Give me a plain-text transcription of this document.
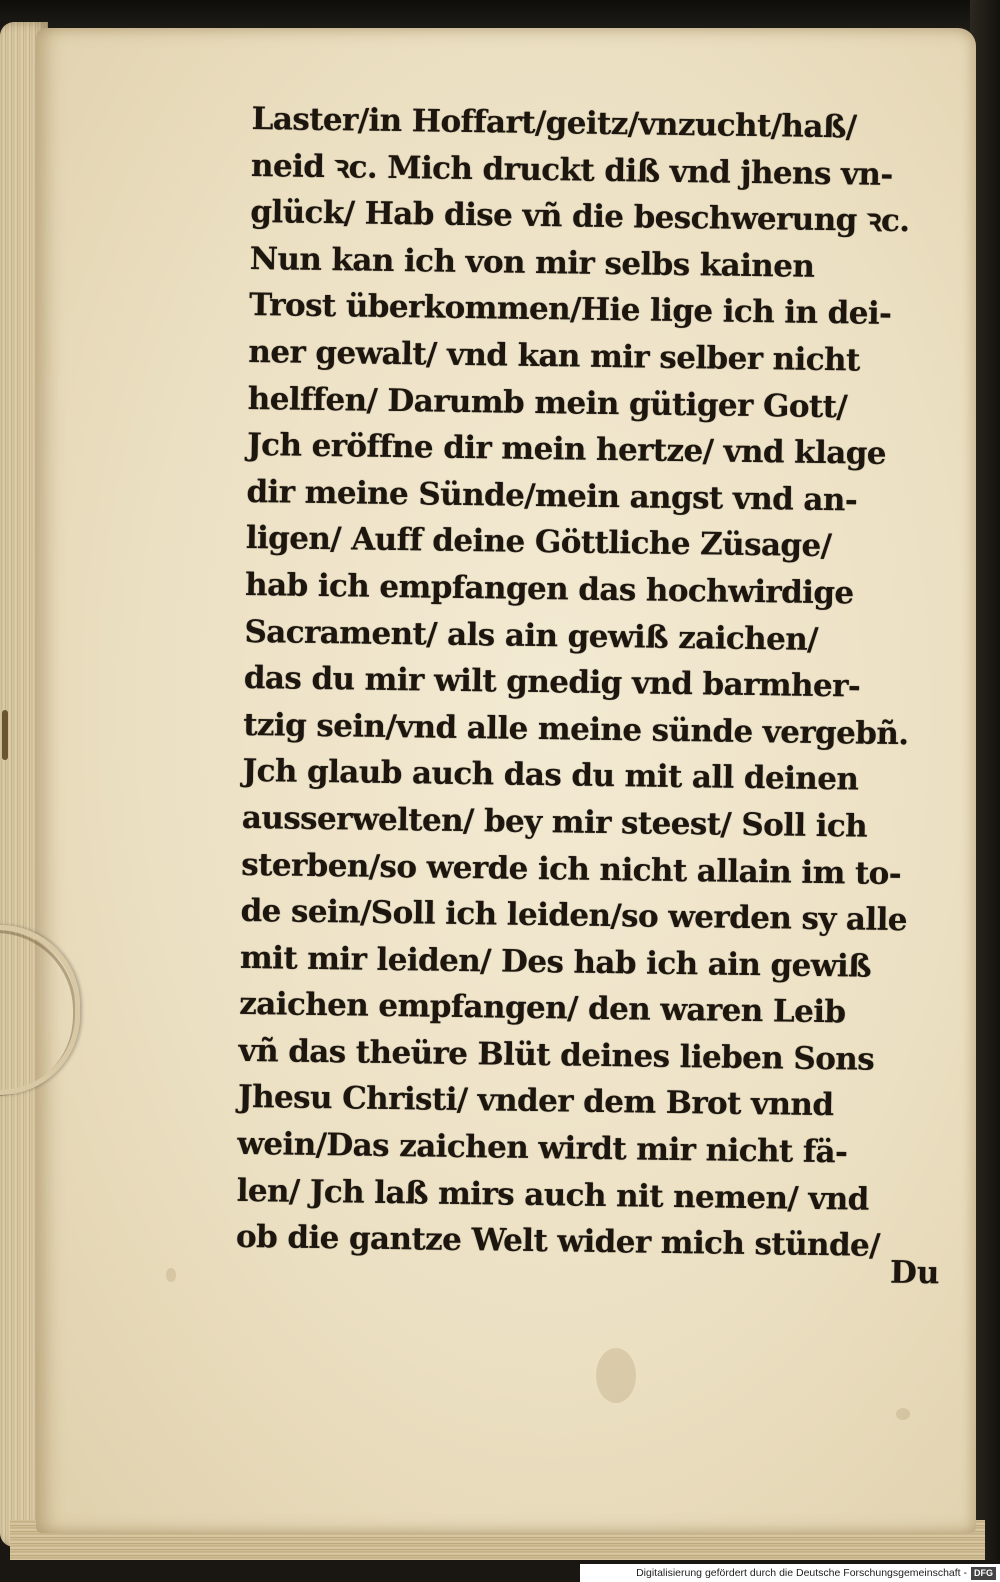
Laster/in Hoffart/geitz/vnzucht/haß/
neid ꝛc. Mich druckt diß vnd jhens vn-
glück/ Hab dise vñ die beschwerung ꝛc.
Nun kan ich von mir selbs kainen
Trost überkommen/Hie lige ich in dei-
ner gewalt/ vnd kan mir selber nicht
helffen/ Darumb mein gütiger Gott/
Jch eröffne dir mein hertze/ vnd klage
dir meine Sünde/mein angst vnd an-
ligen/ Auff deine Göttliche Züsage/
hab ich empfangen das hochwirdige
Sacrament/ als ain gewiß zaichen/
das du mir wilt gnedig vnd barmher-
tzig sein/vnd alle meine sünde vergebñ.
Jch glaub auch das du mit all deinen
ausserwelten/ bey mir steest/ Soll ich
sterben/so werde ich nicht allain im to-
de sein/Soll ich leiden/so werden sy alle
mit mir leiden/ Des hab ich ain gewiß
zaichen empfangen/ den waren Leib
vñ das theüre Blüt deines lieben Sons
Jhesu Christi/ vnder dem Brot vnnd
wein/Das zaichen wirdt mir nicht fä-
len/ Jch laß mirs auch nit nemen/ vnd
ob die gantze Welt wider mich stünde/
Du
Digitalisierung gefördert durch die Deutsche Forschungsgemeinschaft - DFG
